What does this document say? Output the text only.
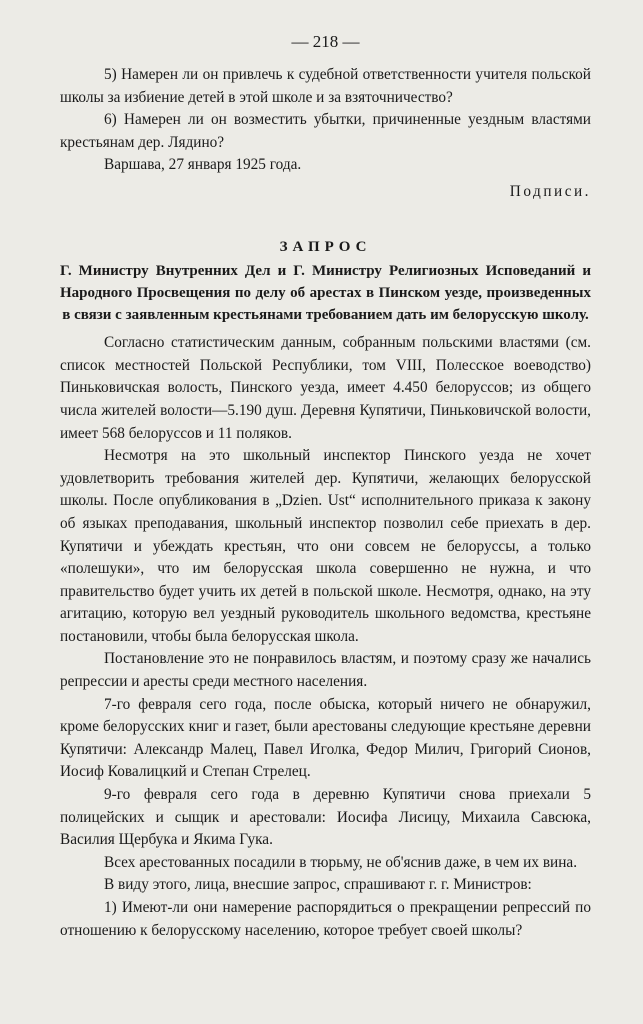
— 218 —

5) Намерен ли он привлечь к судебной ответственности учителя польской школы за избиение детей в этой школе и за взяточничество?

6) Намерен ли он возместить убытки, причиненные уездным властями крестьянам дер. Лядино?

Варшава, 27 января 1925 года.

Подписи.

ЗАПРОС

Г. Министру Внутренних Дел и Г. Министру Религиозных Исповеданий и Народного Просвещения по делу об арестах в Пинском уезде, произведенных в связи с заявленным крестьянами требованием дать им белорусскую школу.

Согласно статистическим данным, собранным польскими властями (см. список местностей Польской Республики, том VIII, Полесское воеводство) Пиньковичская волость, Пинского уезда, имеет 4.450 белоруссов; из общего числа жителей волости—5.190 душ. Деревня Купятичи, Пиньковичской волости, имеет 568 белоруссов и 11 поляков.

Несмотря на это школьный инспектор Пинского уезда не хочет удовлетворить требования жителей дер. Купятичи, желающих белорусской школы. После опубликования в „Dzien. Ust“ исполнительного приказа к закону об языках преподавания, школьный инспектор позволил себе приехать в дер. Купятичи и убеждать крестьян, что они совсем не белоруссы, а только «полешуки», что им белорусская школа совершенно не нужна, и что правительство будет учить их детей в польской школе. Несмотря, однако, на эту агитацию, которую вел уездный руководитель школьного ведомства, крестьяне постановили, чтобы была белорусская школа.

Постановление это не понравилось властям, и поэтому сразу же начались репрессии и аресты среди местного населения.

7-го февраля сего года, после обыска, который ничего не обнаружил, кроме белорусских книг и газет, были арестованы следующие крестьяне деревни Купятичи: Александр Малец, Павел Иголка, Федор Милич, Григорий Сионов, Иосиф Ковалицкий и Степан Стрелец.

9-го февраля сего года в деревню Купятичи снова приехали 5 полицейских и сыщик и арестовали: Иосифа Лисицу, Михаила Савсюка, Василия Щербука и Якима Гука.

Всех арестованных посадили в тюрьму, не об'яснив даже, в чем их вина.

В виду этого, лица, внесшие запрос, спрашивают г. г. Министров:

1) Имеют-ли они намерение распорядиться о прекращении репрессий по отношению к белорусскому населению, которое требует своей школы?
